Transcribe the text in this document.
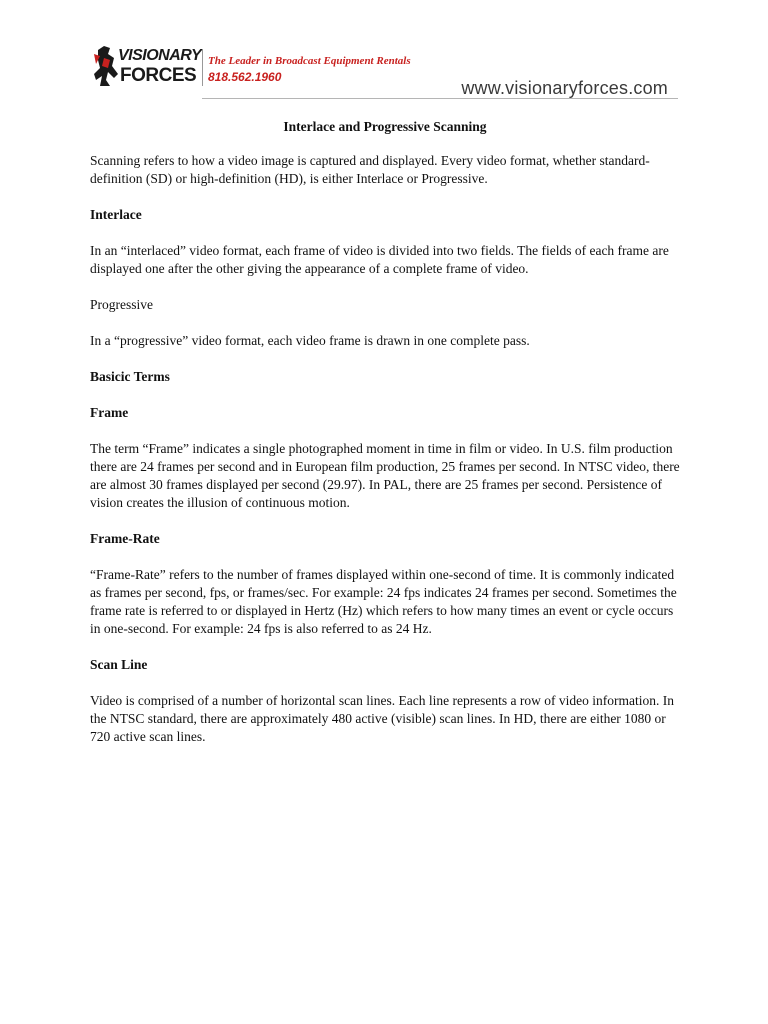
VISIONARY
FORCES
The Leader in Broadcast Equipment Rentals
818.562.1960
www.visionaryforces.com
Interlace and Progressive Scanning

Scanning refers to how a video image is captured and displayed. Every video format, whether standard-definition (SD) or high-definition (HD), is either Interlace or Progressive.

Interlace

In an “interlaced” video format, each frame of video is divided into two fields. The fields of each frame are displayed one after the other giving the appearance of a complete frame of video.

Progressive

In a “progressive” video format, each video frame is drawn in one complete pass.

Basicic Terms
Frame

The term “Frame” indicates a single photographed moment in time in film or video. In U.S. film production there are 24 frames per second and in European film production, 25 frames per second. In NTSC video, there are almost 30 frames displayed per second (29.97). In PAL, there are 25 frames per second. Persistence of vision creates the illusion of continuous motion.

Frame-Rate

“Frame-Rate” refers to the number of frames displayed within one-second of time. It is commonly indicated as frames per second, fps, or frames/sec. For example: 24 fps indicates 24 frames per second. Sometimes the frame rate is referred to or displayed in Hertz (Hz) which refers to how many times an event or cycle occurs in one-second. For example: 24 fps is also referred to as 24 Hz.

Scan Line

Video is comprised of a number of horizontal scan lines. Each line represents a row of video information. In the NTSC standard, there are approximately 480 active (visible) scan lines. In HD, there are either 1080 or 720 active scan lines.
